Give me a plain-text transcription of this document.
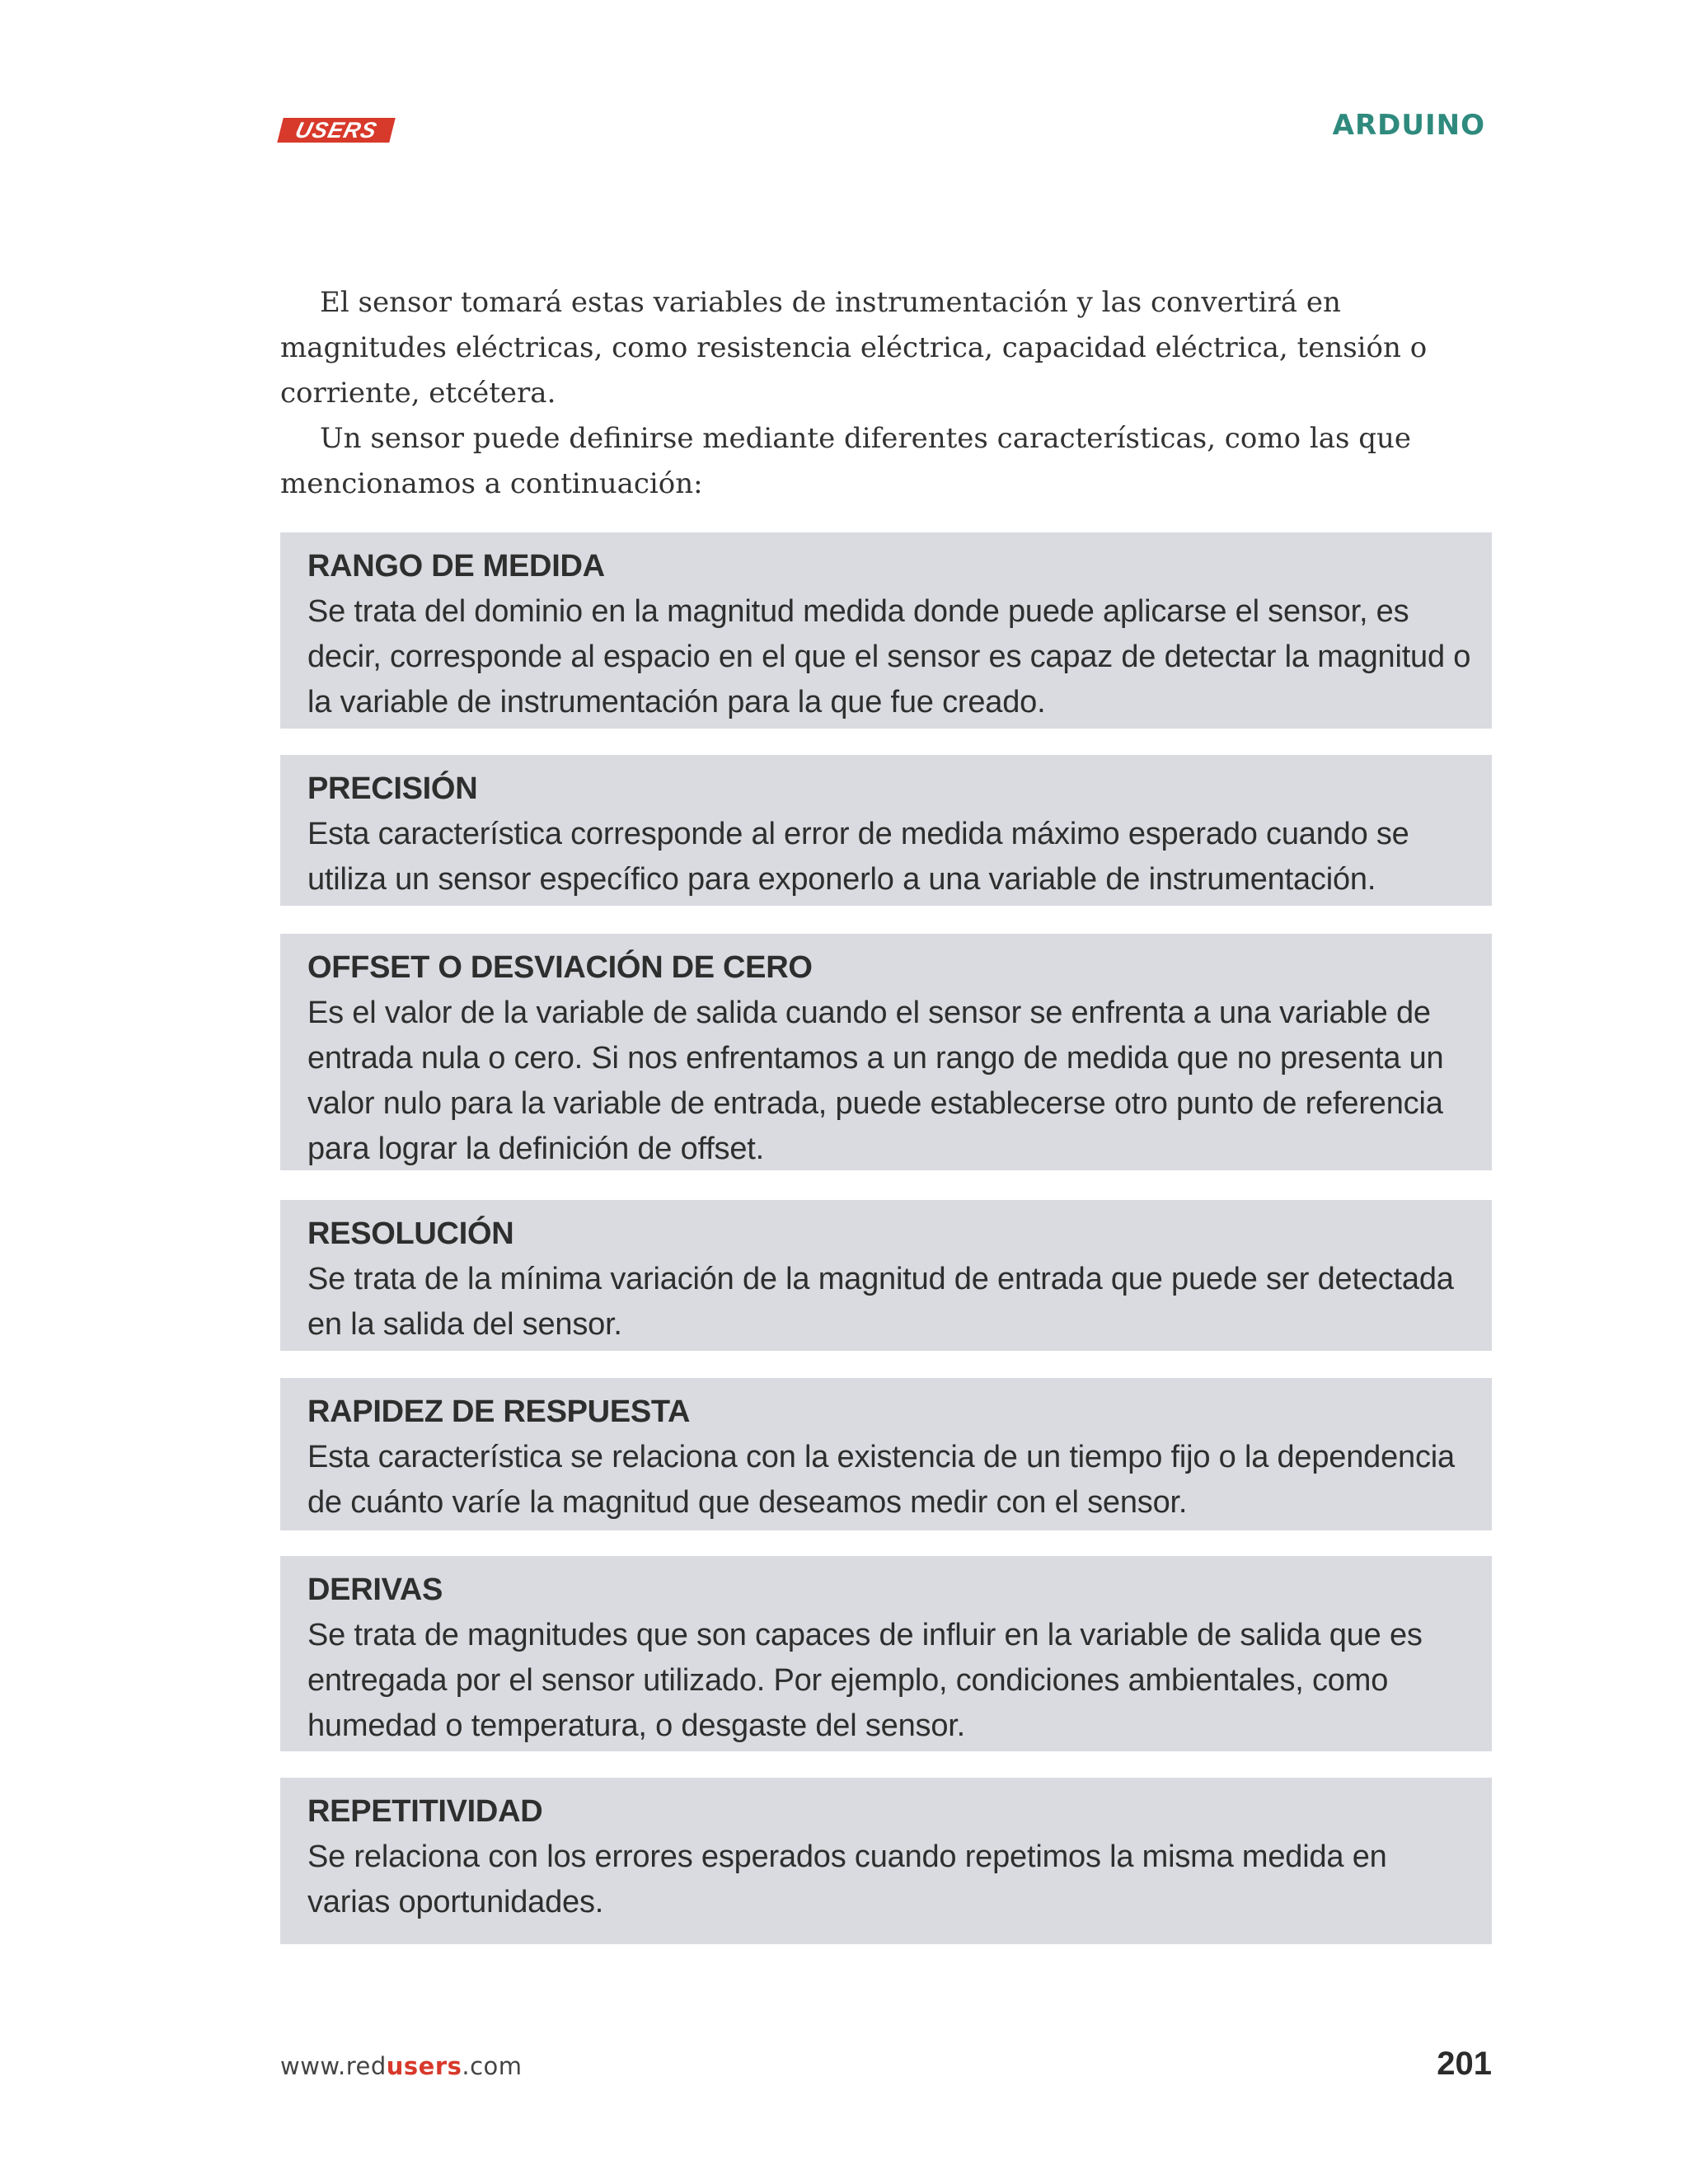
USERS	ARDUINO

El sensor tomará estas variables de instrumentación y las convertirá en magnitudes eléctricas, como resistencia eléctrica, capacidad eléctrica, tensión o corriente, etcétera.

Un sensor puede definirse mediante diferentes características, como las que mencionamos a continuación:

RANGO DE MEDIDA
Se trata del dominio en la magnitud medida donde puede aplicarse el sensor, es decir, corresponde al espacio en el que el sensor es capaz de detectar la magnitud o la variable de instrumentación para la que fue creado.
PRECISIÓN
Esta característica corresponde al error de medida máximo esperado cuando se utiliza un sensor específico para exponerlo a una variable de instrumentación.
OFFSET O DESVIACIÓN DE CERO
Es el valor de la variable de salida cuando el sensor se enfrenta a una variable de entrada nula o cero. Si nos enfrentamos a un rango de medida que no presenta un valor nulo para la variable de entrada, puede establecerse otro punto de referencia para lograr la definición de offset.
RESOLUCIÓN
Se trata de la mínima variación de la magnitud de entrada que puede ser detectada en la salida del sensor.
RAPIDEZ DE RESPUESTA
Esta característica se relaciona con la existencia de un tiempo fijo o la dependencia de cuánto varíe la magnitud que deseamos medir con el sensor.
DERIVAS
Se trata de magnitudes que son capaces de influir en la variable de salida que es entregada por el sensor utilizado. Por ejemplo, condiciones ambientales, como humedad o temperatura, o desgaste del sensor.
REPETITIVIDAD
Se relaciona con los errores esperados cuando repetimos la misma medida en varias oportunidades.
www.redusers.com	201
